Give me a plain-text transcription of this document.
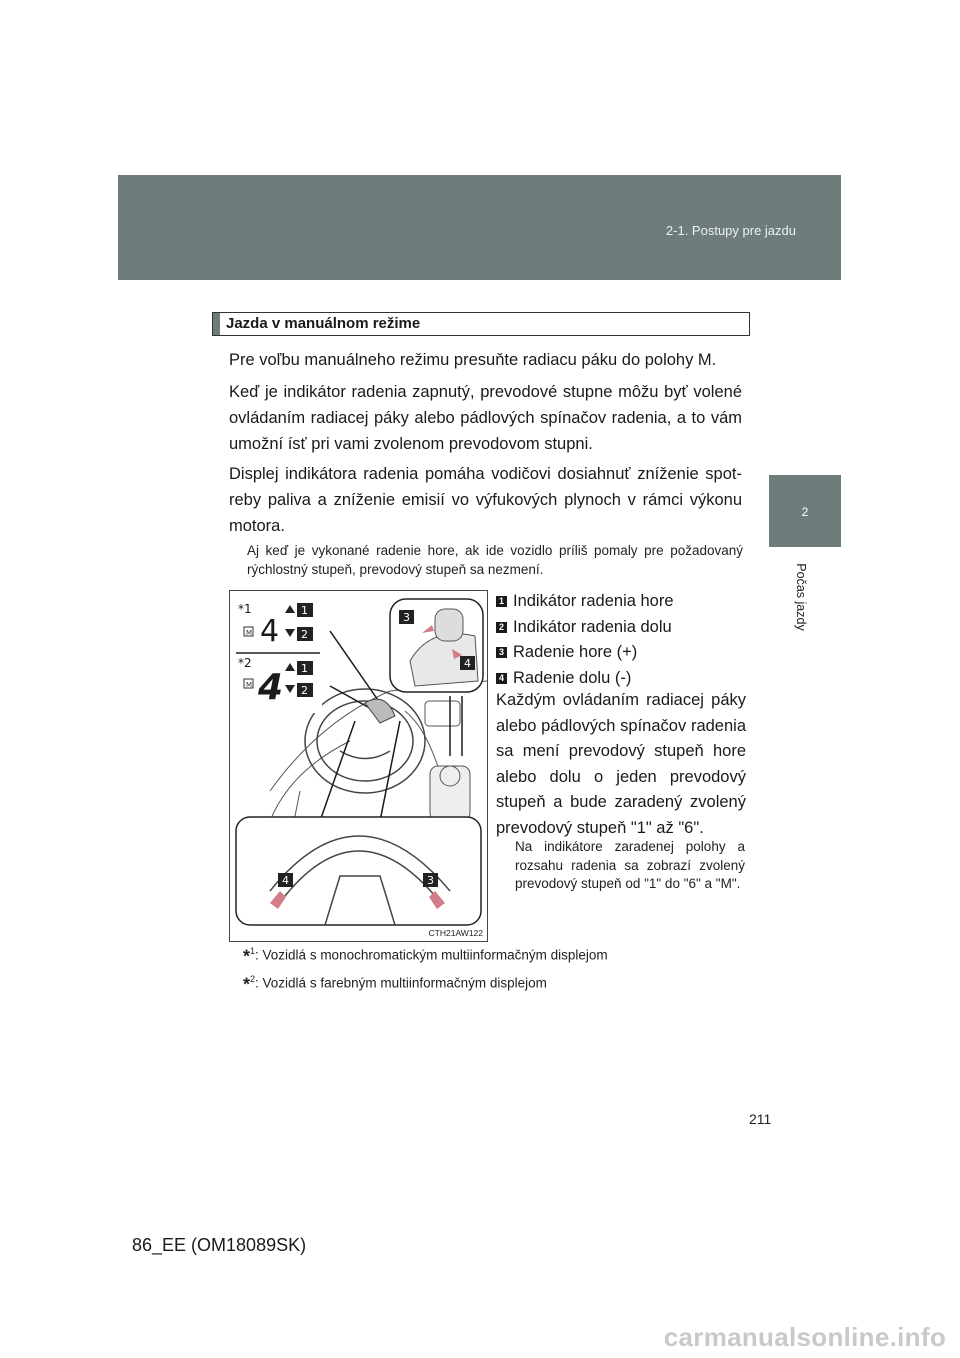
2-1. Postupy pre jazdu
2
Počas jazdy
Jazda v manuálnom režime
Pre voľbu manuálneho režimu presuňte radiacu páku do polohy M.
Keď je indikátor radenia zapnutý, prevodové stupne môžu byť volené ovládaním radiacej páky alebo pádlových spínačov radenia, a to vám umožní ísť pri vami zvolenom prevodovom stupni.
Displej indikátora radenia pomáha vodičovi dosiahnuť zníženie spotreby paliva a zníženie emisií vo výfukových plynoch v rámci výkonu motora.
Aj keď je vykonané radenie hore, ak ide vozidlo príliš pomaly pre požadovaný rýchlostný stupeň, prevodový stupeň sa nezmení.
*1
M 4
1
2
*2
M 4 1
2
3
4
4	3
CTH21AW122
1 Indikátor radenia hore
2 Indikátor radenia dolu
3 Radenie hore (+)
4 Radenie dolu (-)
Každým ovládaním radiacej páky alebo pádlových spínačov radenia sa mení prevodový stupeň hore alebo dolu o jeden prevodový stupeň a bude zaradený zvolený prevodový stupeň "1" až "6".
Na indikátore zaradenej polohy a rozsahu radenia sa zobrazí zvolený prevodový stupeň od "1" do "6" a "M".
*$^1$: Vozidlá s monochromatickým multiinformačným displejom
*$^2$: Vozidlá s farebným multiinformačným displejom
211
86_EE (OM18089SK)
carmanualsonline.info
